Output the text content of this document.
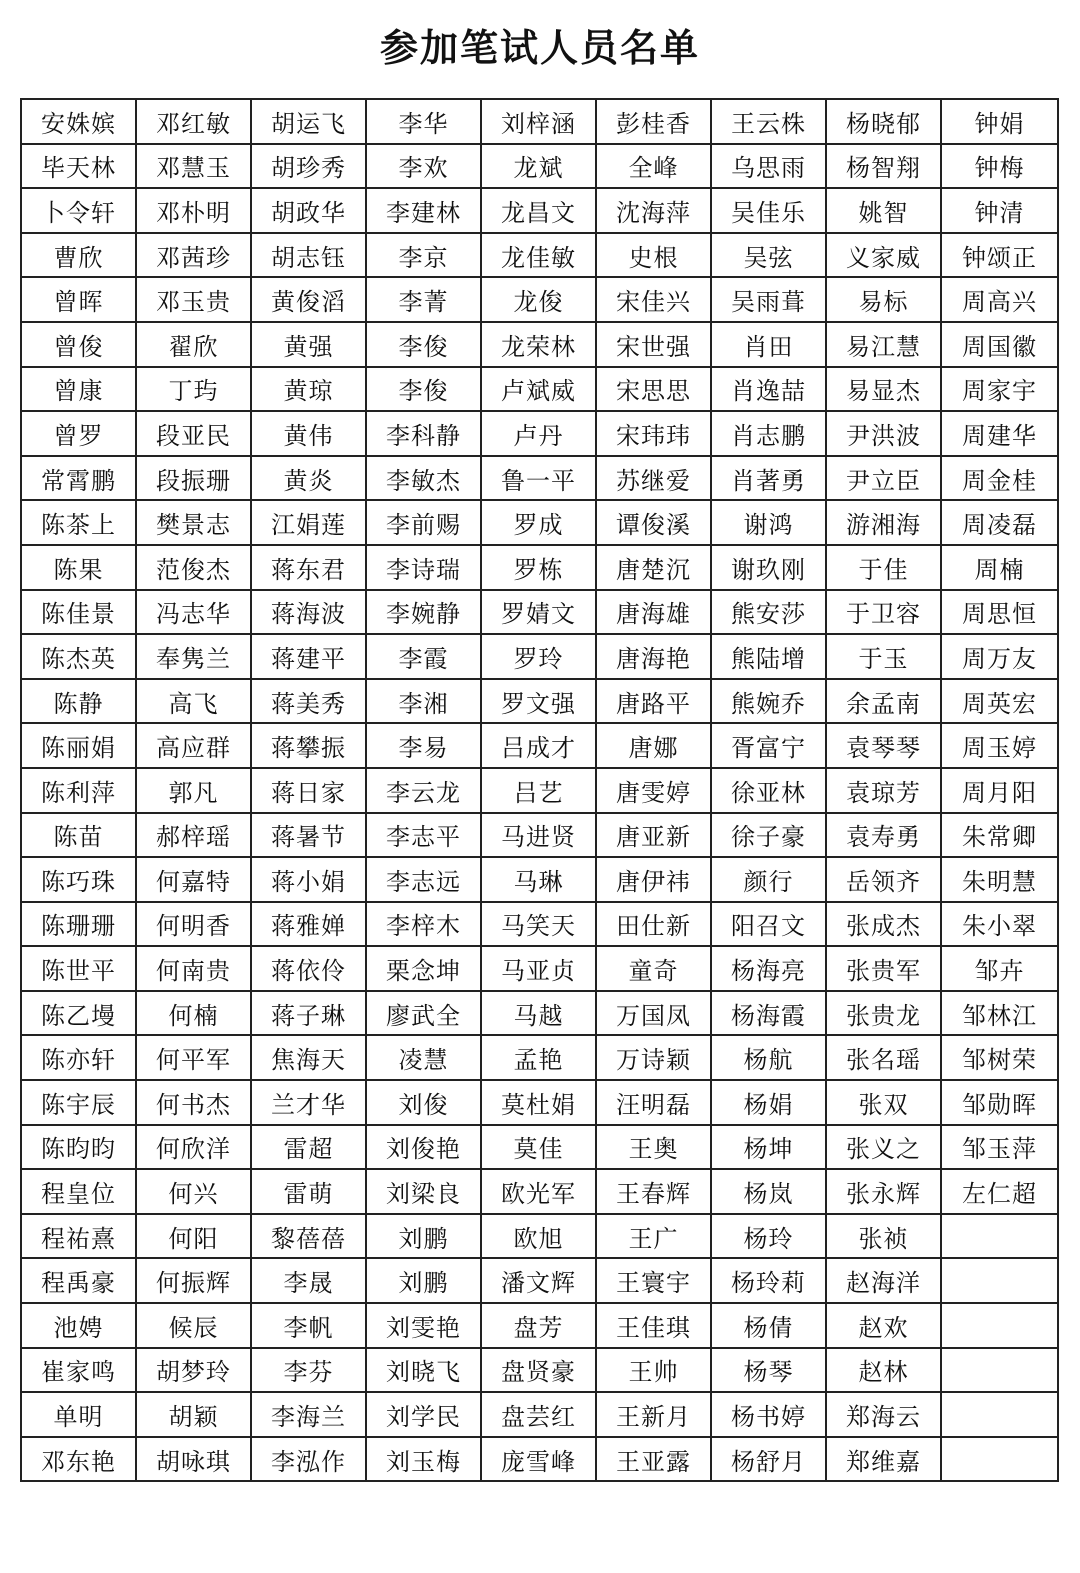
参加笔试人员名单
安姝嫔	邓红敏	胡运飞	李华	刘梓涵	彭桂香	王云株	杨晓郁	钟娟
毕天林	邓慧玉	胡珍秀	李欢	龙斌	全峰	乌思雨	杨智翔	钟梅
卜令轩	邓朴明	胡政华	李建林	龙昌文	沈海萍	吴佳乐	姚智	钟清
曹欣	邓茜珍	胡志钰	李京	龙佳敏	史根	吴弦	义家威	钟颂正
曾晖	邓玉贵	黄俊滔	李菁	龙俊	宋佳兴	吴雨葺	易标	周高兴
曾俊	翟欣	黄强	李俊	龙荣林	宋世强	肖田	易江慧	周国徽
曾康	丁玙	黄琼	李俊	卢斌威	宋思思	肖逸喆	易显杰	周家宇
曾罗	段亚民	黄伟	李科静	卢丹	宋玮玮	肖志鹏	尹洪波	周建华
常霄鹏	段振珊	黄炎	李敏杰	鲁一平	苏继爱	肖著勇	尹立臣	周金桂
陈茶上	樊景志	江娟莲	李前赐	罗成	谭俊溪	谢鸿	游湘海	周凌磊
陈果	范俊杰	蒋东君	李诗瑞	罗栋	唐楚沉	谢玖刚	于佳	周楠
陈佳景	冯志华	蒋海波	李婉静	罗婧文	唐海雄	熊安莎	于卫容	周思恒
陈杰英	奉隽兰	蒋建平	李霞	罗玲	唐海艳	熊陆增	于玉	周万友
陈静	高飞	蒋美秀	李湘	罗文强	唐路平	熊婉乔	余孟南	周英宏
陈丽娟	高应群	蒋攀振	李易	吕成才	唐娜	胥富宁	袁琴琴	周玉婷
陈利萍	郭凡	蒋日家	李云龙	吕艺	唐雯婷	徐亚林	袁琼芳	周月阳
陈苗	郝梓瑶	蒋暑节	李志平	马进贤	唐亚新	徐子豪	袁寿勇	朱常卿
陈巧珠	何嘉特	蒋小娟	李志远	马琳	唐伊祎	颜行	岳领齐	朱明慧
陈珊珊	何明香	蒋雅婵	李梓木	马笑天	田仕新	阳召文	张成杰	朱小翠
陈世平	何南贵	蒋依伶	栗念坤	马亚贞	童奇	杨海亮	张贵军	邹卉
陈乙墁	何楠	蒋子琳	廖武全	马越	万国凤	杨海霞	张贵龙	邹林江
陈亦轩	何平军	焦海天	凌慧	孟艳	万诗颖	杨航	张名瑶	邹树荣
陈宇辰	何书杰	兰才华	刘俊	莫杜娟	汪明磊	杨娟	张双	邹勋晖
陈昀昀	何欣洋	雷超	刘俊艳	莫佳	王奥	杨坤	张义之	邹玉萍
程皇位	何兴	雷萌	刘梁良	欧光军	王春辉	杨岚	张永辉	左仁超
程祐熹	何阳	黎蓓蓓	刘鹏	欧旭	王广	杨玲	张祯	
程禹豪	何振辉	李晟	刘鹏	潘文辉	王寰宇	杨玲莉	赵海洋	
池娉	候辰	李帆	刘雯艳	盘芳	王佳琪	杨倩	赵欢	
崔家鸣	胡梦玲	李芬	刘晓飞	盘贤豪	王帅	杨琴	赵林	
单明	胡颖	李海兰	刘学民	盘芸红	王新月	杨书婷	郑海云	
邓东艳	胡咏琪	李泓作	刘玉梅	庞雪峰	王亚露	杨舒月	郑维嘉	
